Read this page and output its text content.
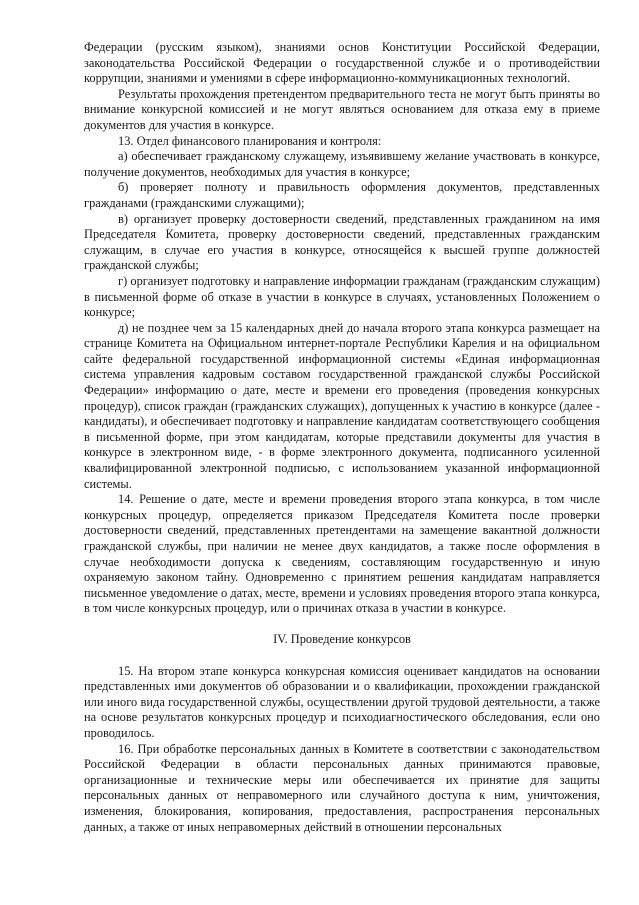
Федерации (русским языком), знаниями основ Конституции Российской Федерации, законодательства Российской Федерации о государственной службе и о противодействии коррупции, знаниями и умениями в сфере информационно-коммуникационных технологий.

Результаты прохождения претендентом предварительного теста не могут быть приняты во внимание конкурсной комиссией и не могут являться основанием для отказа ему в приеме документов для участия в конкурсе.

13. Отдел финансового планирования и контроля:

а) обеспечивает гражданскому служащему, изъявившему желание участвовать в конкурсе, получение документов, необходимых для участия в конкурсе;

б) проверяет полноту и правильность оформления документов, представленных гражданами (гражданскими служащими);

в) организует проверку достоверности сведений, представленных гражданином на имя Председателя Комитета, проверку достоверности сведений, представленных гражданским служащим, в случае его участия в конкурсе, относящейся к высшей группе должностей гражданской службы;

г) организует подготовку и направление информации гражданам (гражданским служащим) в письменной форме об отказе в участии в конкурсе в случаях, установленных Положением о конкурсе;

д) не позднее чем за 15 календарных дней до начала второго этапа конкурса размещает на странице Комитета на Официальном интернет-портале Республики Карелия и на официальном сайте федеральной государственной информационной системы «Единая информационная система управления кадровым составом государственной гражданской службы Российской Федерации» информацию о дате, месте и времени его проведения (проведения конкурсных процедур), список граждан (гражданских служащих), допущенных к участию в конкурсе (далее - кандидаты), и обеспечивает подготовку и направление кандидатам соответствующего сообщения в письменной форме, при этом кандидатам, которые представили документы для участия в конкурсе в электронном виде, - в форме электронного документа, подписанного усиленной квалифицированной электронной подписью, с использованием указанной информационной системы.

14. Решение о дате, месте и времени проведения второго этапа конкурса, в том числе конкурсных процедур, определяется приказом Председателя Комитета после проверки достоверности сведений, представленных претендентами на замещение вакантной должности гражданской службы, при наличии не менее двух кандидатов, а также после оформления в случае необходимости допуска к сведениям, составляющим государственную и иную охраняемую законом тайну. Одновременно с принятием решения кандидатам направляется письменное уведомление о датах, месте, времени и условиях проведения второго этапа конкурса, в том числе конкурсных процедур, или о причинах отказа в участии в конкурсе.

IV. Проведение конкурсов

15. На втором этапе конкурса конкурсная комиссия оценивает кандидатов на основании представленных ими документов об образовании и о квалификации, прохождении гражданской или иного вида государственной службы, осуществлении другой трудовой деятельности, а также на основе результатов конкурсных процедур и психодиагностического обследования, если оно проводилось.

16. При обработке персональных данных в Комитете в соответствии с законодательством Российской Федерации в области персональных данных принимаются правовые, организационные и технические меры или обеспечивается их принятие для защиты персональных данных от неправомерного или случайного доступа к ним, уничтожения, изменения, блокирования, копирования, предоставления, распространения персональных данных, а также от иных неправомерных действий в отношении персональных
